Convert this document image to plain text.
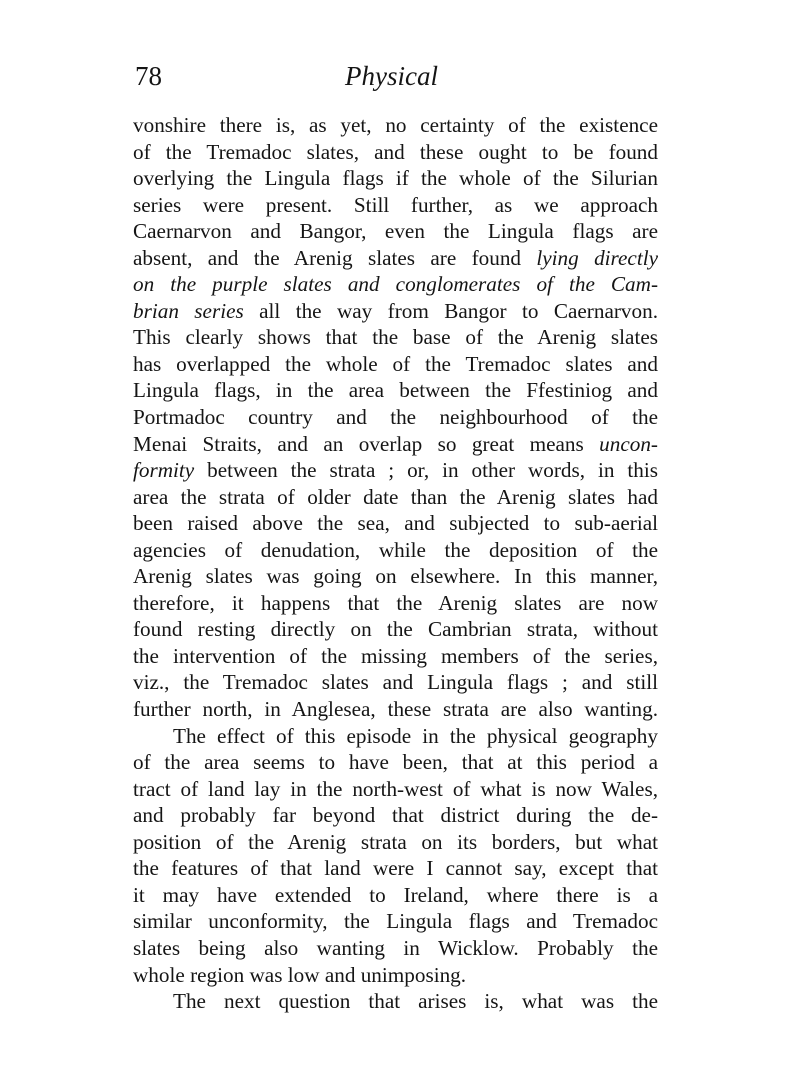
78	Physical
vonshire there is, as yet, no certainty of the existence
of the Tremadoc slates, and these ought to be found
overlying the Lingula flags if the whole of the Silurian
series were present. Still further, as we approach
Caernarvon and Bangor, even the Lingula flags are
absent, and the Arenig slates are found lying directly
on the purple slates and conglomerates of the Cam-
brian series all the way from Bangor to Caernarvon.
This clearly shows that the base of the Arenig slates
has overlapped the whole of the Tremadoc slates and
Lingula flags, in the area between the Ffestiniog and
Portmadoc country and the neighbourhood of the
Menai Straits, and an overlap so great means uncon-
formity between the strata ; or, in other words, in this
area the strata of older date than the Arenig slates had
been raised above the sea, and subjected to sub-aerial
agencies of denudation, while the deposition of the
Arenig slates was going on elsewhere. In this manner,
therefore, it happens that the Arenig slates are now
found resting directly on the Cambrian strata, without
the intervention of the missing members of the series,
viz., the Tremadoc slates and Lingula flags ; and still
further north, in Anglesea, these strata are also wanting.
The effect of this episode in the physical geography
of the area seems to have been, that at this period a
tract of land lay in the north-west of what is now Wales,
and probably far beyond that district during the de-
position of the Arenig strata on its borders, but what
the features of that land were I cannot say, except that
it may have extended to Ireland, where there is a
similar unconformity, the Lingula flags and Tremadoc
slates being also wanting in Wicklow. Probably the
whole region was low and unimposing.
The next question that arises is, what was the
